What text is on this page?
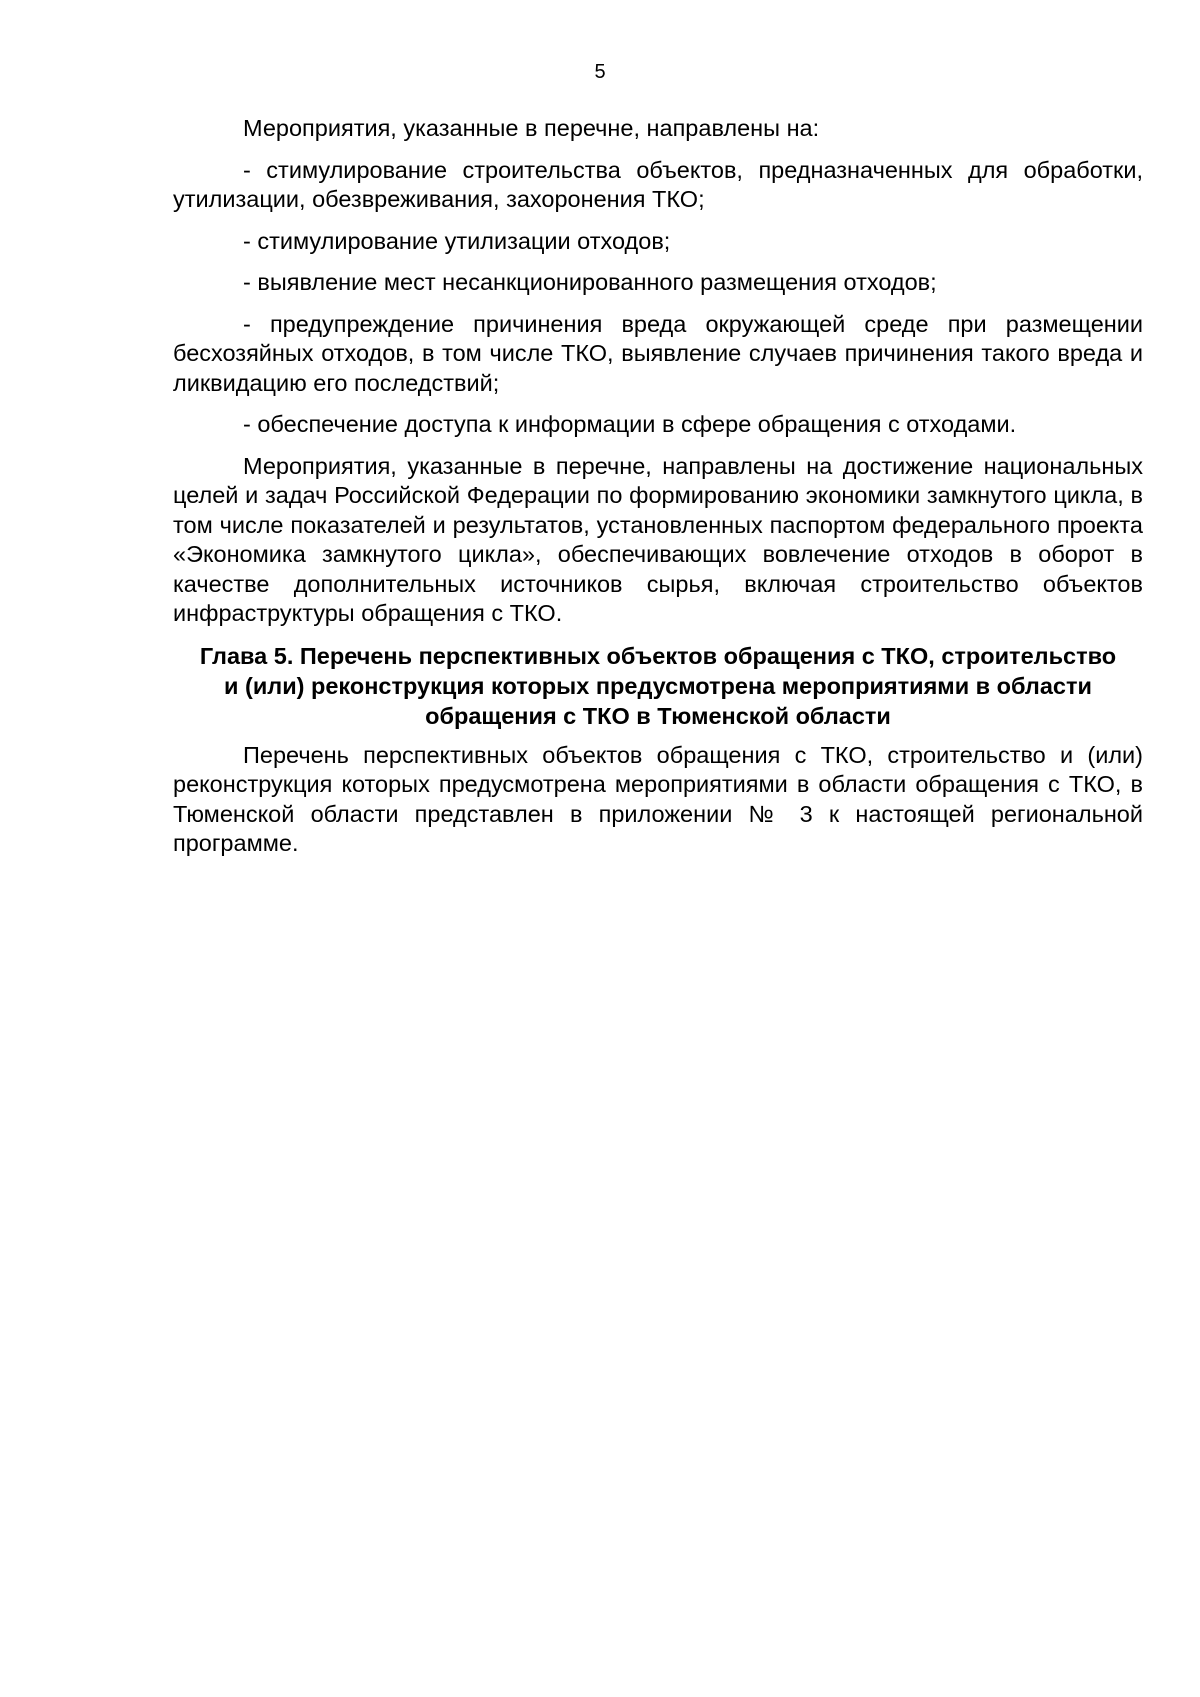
5

Мероприятия, указанные в перечне, направлены на:

- стимулирование строительства объектов, предназначенных для обработки, утилизации, обезвреживания, захоронения ТКО;

- стимулирование утилизации отходов;

- выявление мест несанкционированного размещения отходов;

- предупреждение причинения вреда окружающей среде при размещении бесхозяйных отходов, в том числе ТКО, выявление случаев причинения такого вреда и ликвидацию его последствий;

- обеспечение доступа к информации в сфере обращения с отходами.

Мероприятия, указанные в перечне, направлены на достижение национальных целей и задач Российской Федерации по формированию экономики замкнутого цикла, в том числе показателей и результатов, установленных паспортом федерального проекта «Экономика замкнутого цикла», обеспечивающих вовлечение отходов в оборот в качестве дополнительных источников сырья, включая строительство объектов инфраструктуры обращения с ТКО.

Глава 5. Перечень перспективных объектов обращения с ТКО, строительство и (или) реконструкция которых предусмотрена мероприятиями в области обращения с ТКО в Тюменской области

Перечень перспективных объектов обращения с ТКО, строительство и (или) реконструкция которых предусмотрена мероприятиями в области обращения с ТКО, в Тюменской области представлен в приложении № 3 к настоящей региональной программе.
